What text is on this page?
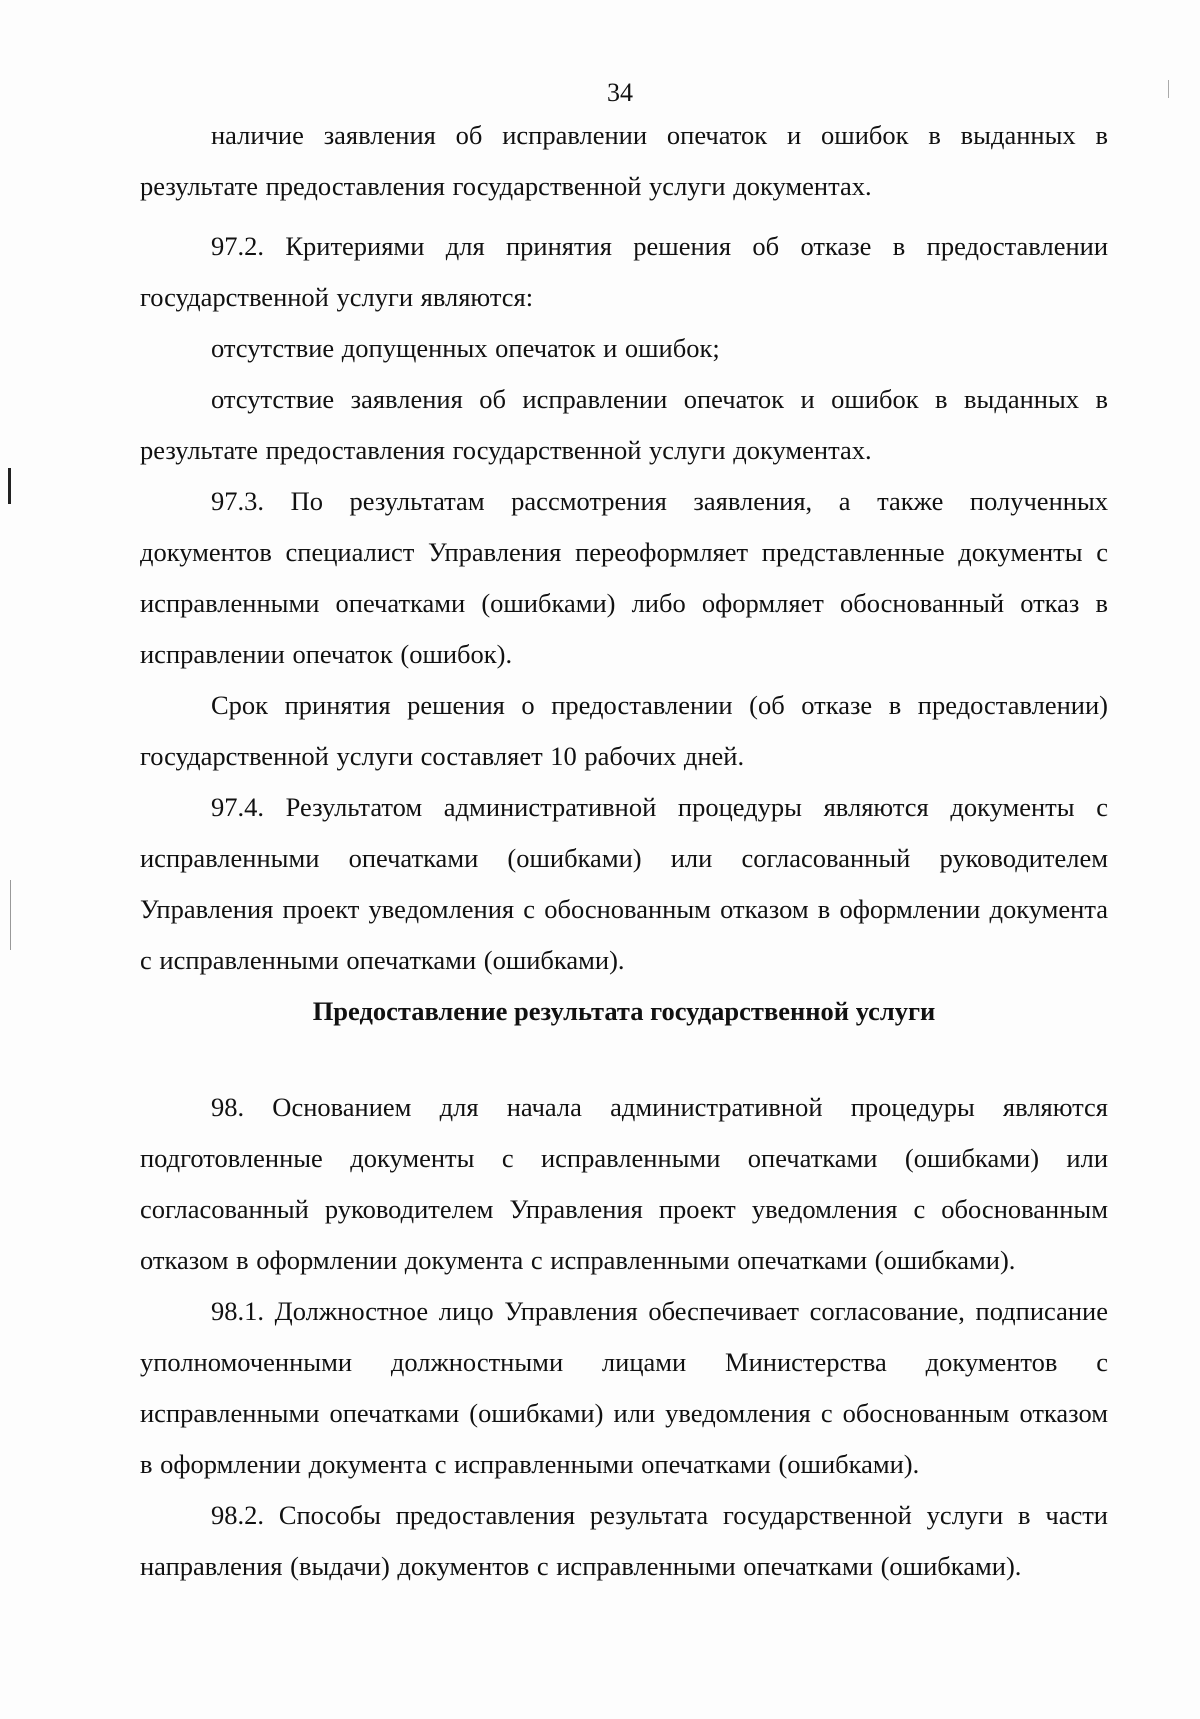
34

наличие заявления об исправлении опечаток и ошибок в выданных в результате предоставления государственной услуги документах.

97.2. Критериями для принятия решения об отказе в предоставлении государственной услуги являются:

отсутствие допущенных опечаток и ошибок;

отсутствие заявления об исправлении опечаток и ошибок в выданных в результате предоставления государственной услуги документах.

97.3. По результатам рассмотрения заявления, а также полученных документов специалист Управления переоформляет представленные документы с исправленными опечатками (ошибками) либо оформляет обоснованный отказ в исправлении опечаток (ошибок).

Срок принятия решения о предоставлении (об отказе в предоставлении) государственной услуги составляет 10 рабочих дней.

97.4. Результатом административной процедуры являются документы с исправленными опечатками (ошибками) или согласованный руководителем Управления проект уведомления с обоснованным отказом в оформлении документа с исправленными опечатками (ошибками).

Предоставление результата государственной услуги

98. Основанием для начала административной процедуры являются подготовленные документы с исправленными опечатками (ошибками) или согласованный руководителем Управления проект уведомления с обоснованным отказом в оформлении документа с исправленными опечатками (ошибками).

98.1. Должностное лицо Управления обеспечивает согласование, подписание уполномоченными должностными лицами Министерства документов с исправленными опечатками (ошибками) или уведомления с обоснованным отказом в оформлении документа с исправленными опечатками (ошибками).

98.2. Способы предоставления результата государственной услуги в части направления (выдачи) документов с исправленными опечатками (ошибками).
